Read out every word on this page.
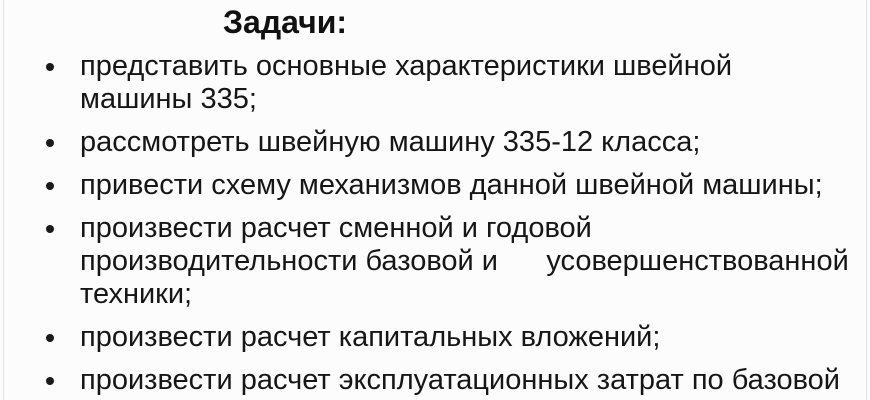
Задачи:
представить основные характеристики швейной
машины 335;
рассмотреть швейную машину 335-12 класса;
привести схему механизмов данной швейной машины;
произвести расчет сменной и годовой
производительности базовой и      усовершенствованной
техники;
произвести расчет капитальных вложений;
произвести расчет эксплуатационных затрат по базовой
